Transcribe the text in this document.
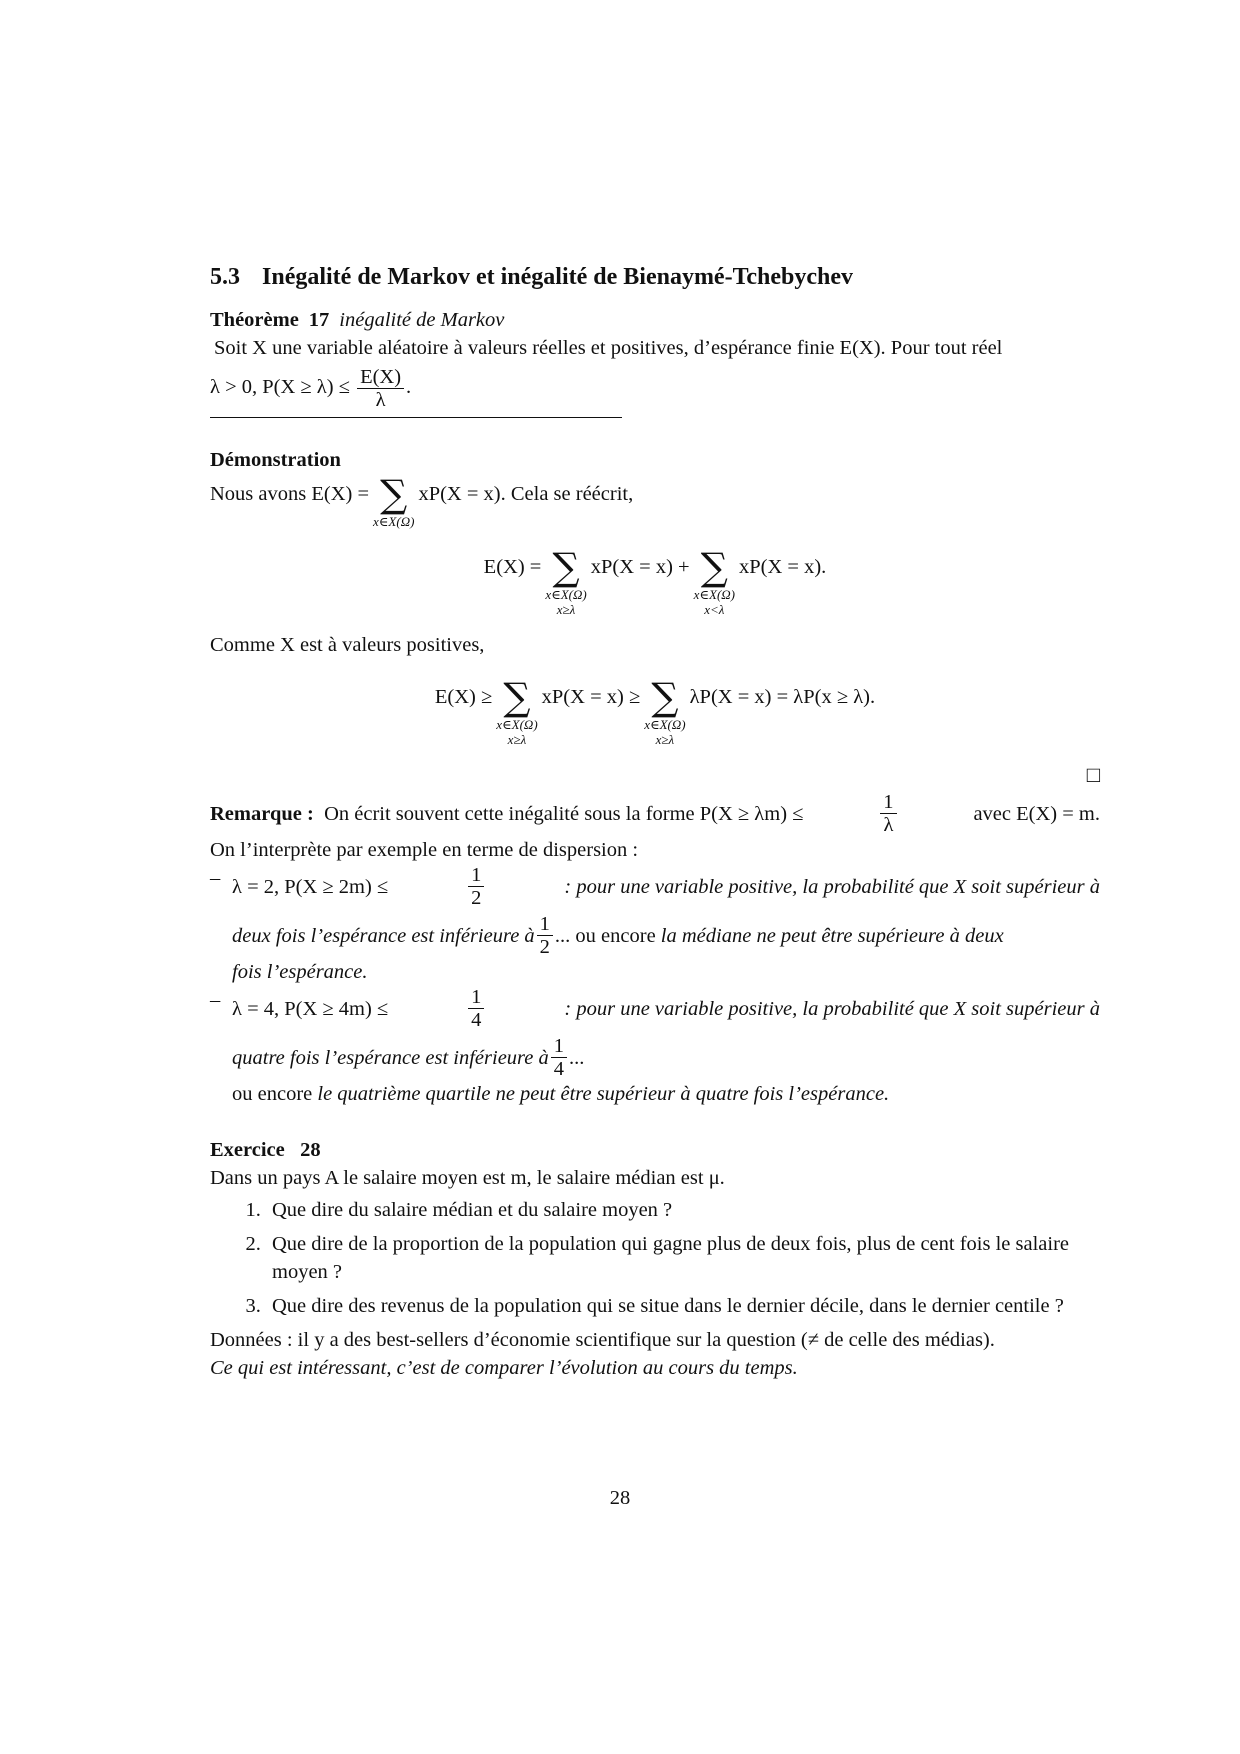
5.3 Inégalité de Markov et inégalité de Bienaymé-Tchebychev
Théorème 17 inégalité de Markov
Soit X une variable aléatoire à valeurs réelles et positives, d’espérance finie E(X). Pour tout réel
λ > 0, $P(X \ge \lambda) \le \frac{E(X)}{\lambda}$ .
Démonstration
Nous avons E(X) = ∑
x∈X(Ω)
xP(X = x). Cela se réécrit,
E(X) = ∑
x∈X(Ω)
x≥λ
xP(X = x) + ∑
x∈X(Ω)
x<λ
xP(X = x).
Comme X est à valeurs positives,
E(X) ≥ ∑
x∈X(Ω)
x≥λ
xP(X = x) ≥ ∑
x∈X(Ω)
x≥λ
λP(X = x) = λP(x ≥ λ).
□
Remarque : On écrit souvent cette inégalité sous la forme P(X ≥ λm) ≤	$\frac{1}{\lambda}$	avec E(X) = m.
On l’interprète par exemple en terme de dispersion :
– λ = 2, P(X ≥ 2m) ≤	$\frac{1}{2}$	: pour une variable positive, la probabilité que X soit supérieur à
deux fois l’espérance est inférieure à $\frac{1}{2}$ ...
ou encore
la médiane ne peut être supérieure à deux
fois l’espérance.
– λ = 4, P(X ≥ 4m) ≤	$\frac{1}{4}$	: pour une variable positive, la probabilité que X soit supérieur à
quatre fois l’espérance est inférieure à $\frac{1}{4}$ ...
ou encore le quatrième quartile ne peut être supérieur à quatre fois l’espérance.
Exercice 28
Dans un pays A le salaire moyen est m, le salaire médian est μ.
1. Que dire du salaire médian et du salaire moyen ?
2. Que dire de la proportion de la population qui gagne plus de deux fois, plus de cent fois le salaire moyen ?
3. Que dire des revenus de la population qui se situe dans le dernier décile, dans le dernier centile ?
Données : il y a des best-sellers d’économie scientifique sur la question (≠ de celle des médias).
Ce qui est intéressant, c’est de comparer l’évolution au cours du temps.
28
